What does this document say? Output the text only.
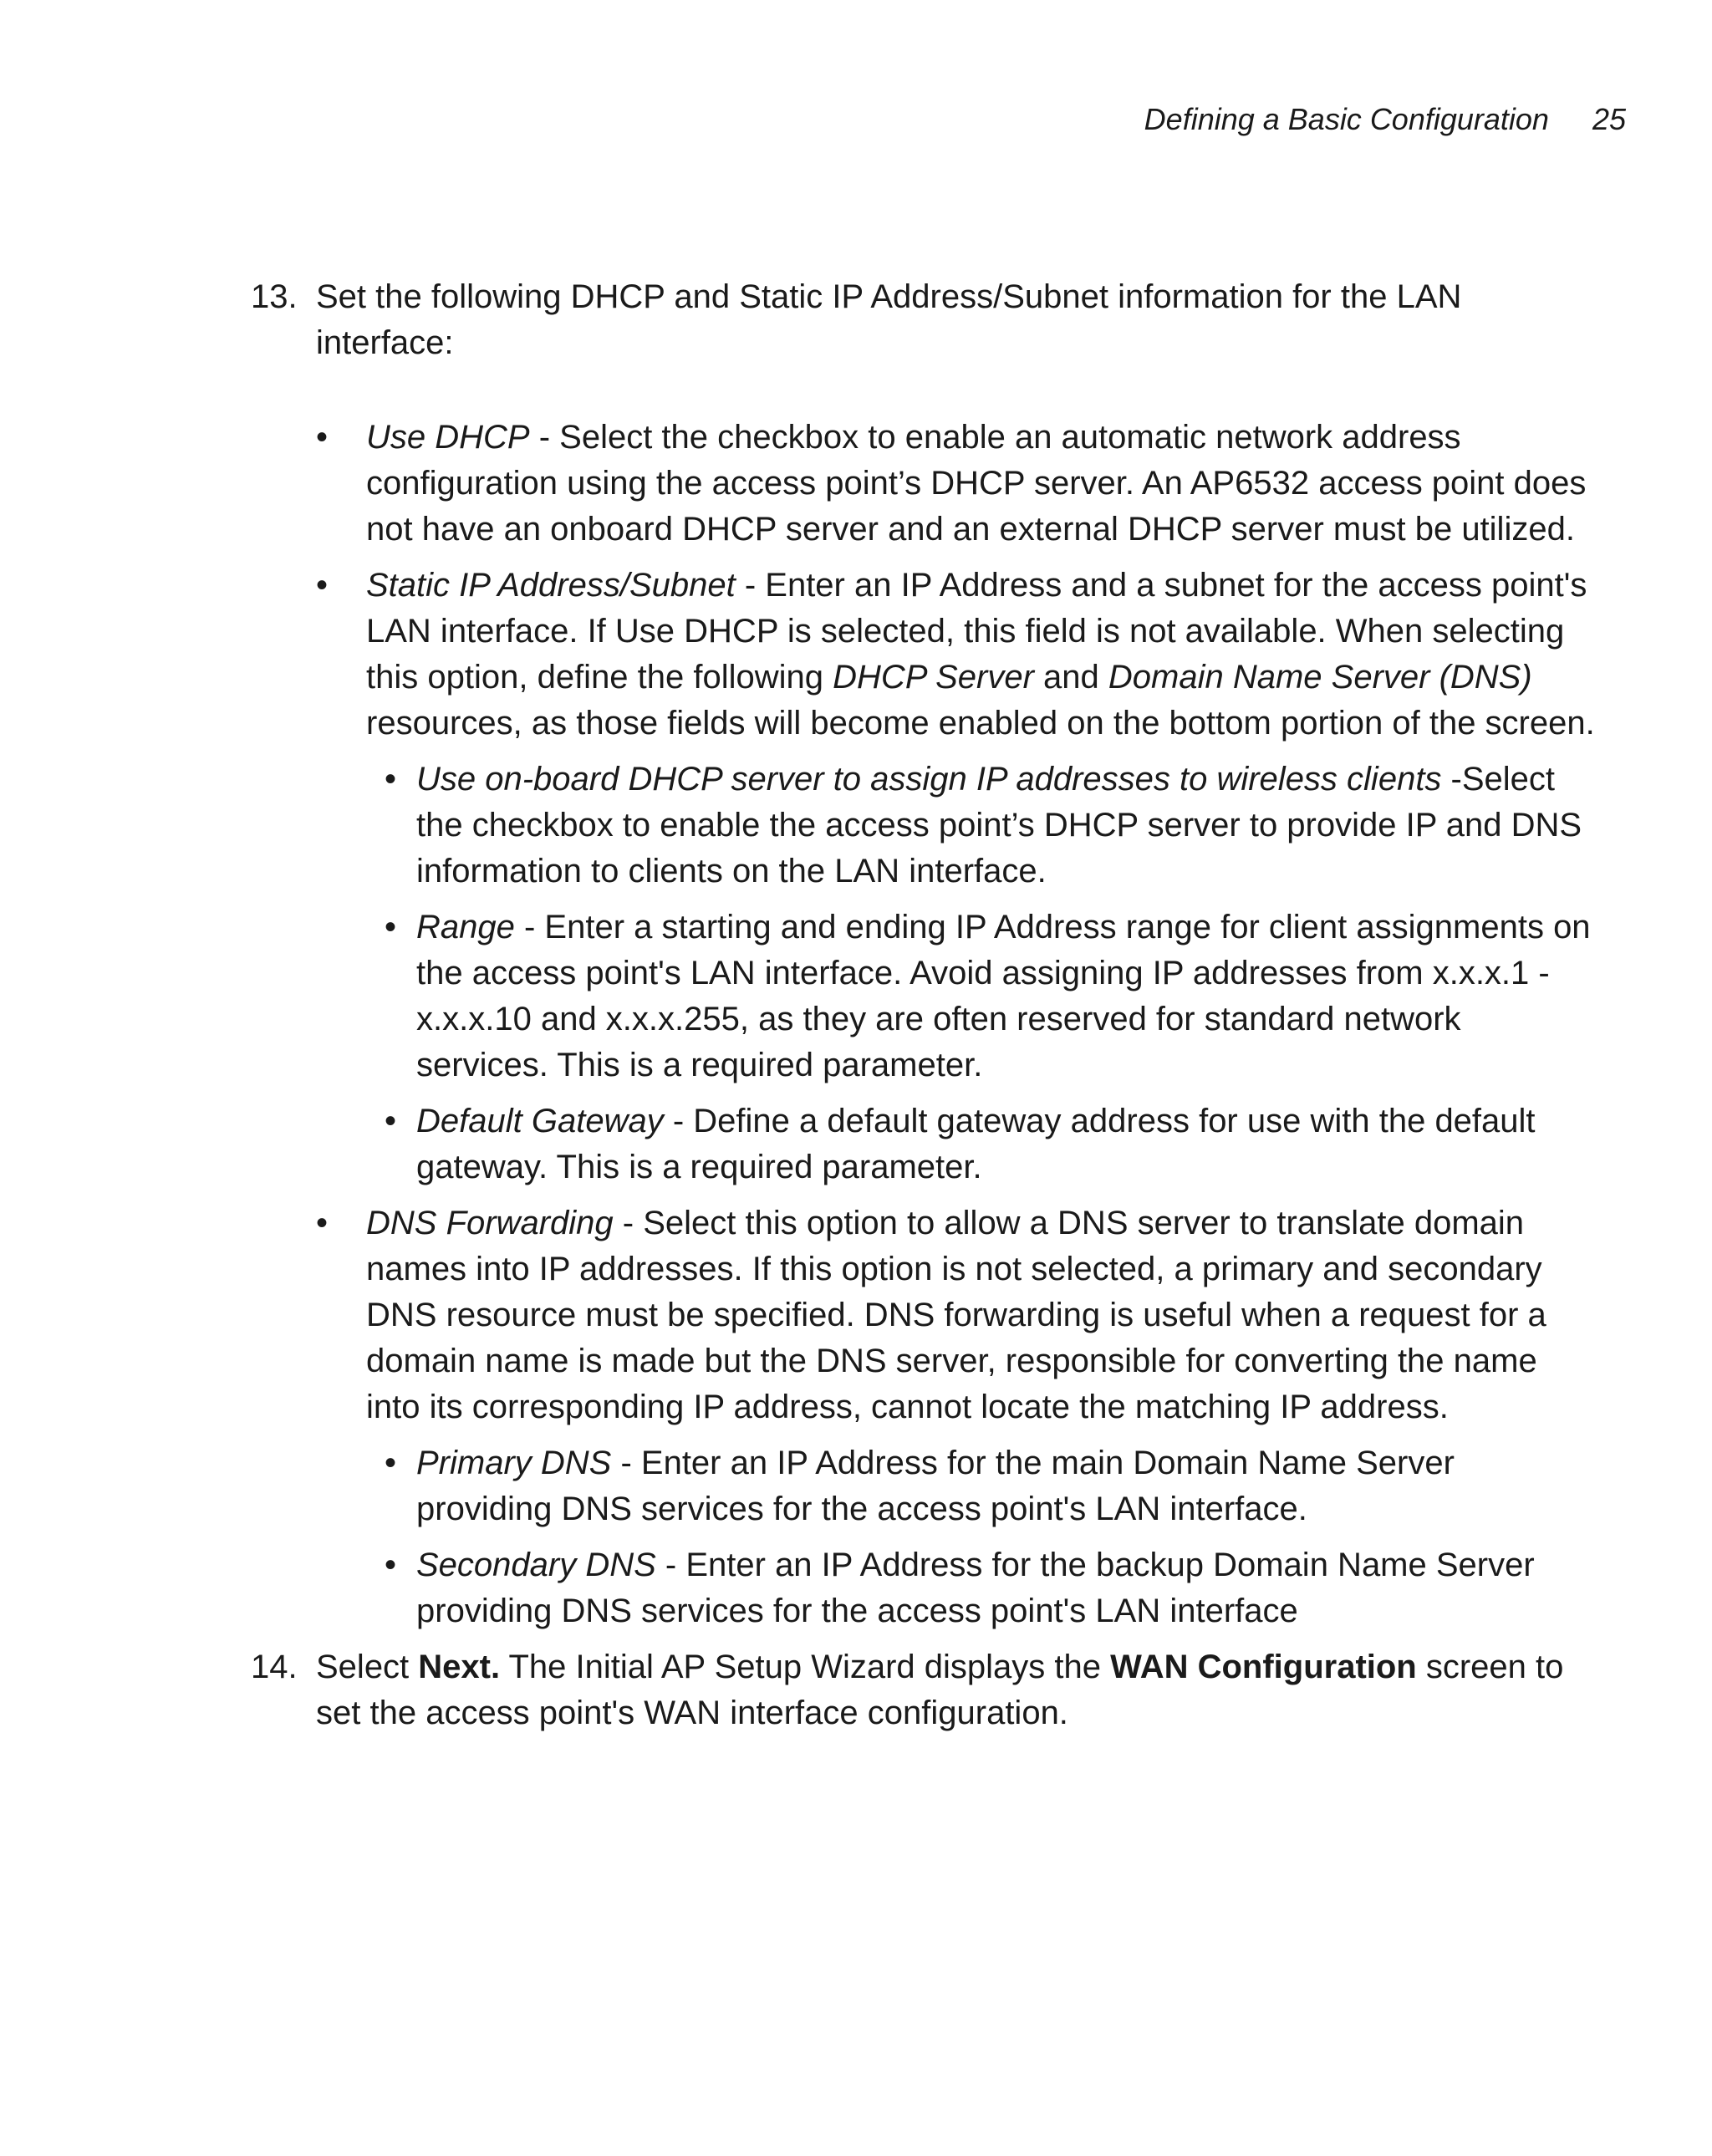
Defining a Basic Configuration 25
13. Set the following DHCP and Static IP Address/Subnet information for the LAN interface:
• Use DHCP - Select the checkbox to enable an automatic network address configuration using the access point’s DHCP server. An AP6532 access point does not have an onboard DHCP server and an external DHCP server must be utilized.
• Static IP Address/Subnet - Enter an IP Address and a subnet for the access point's LAN interface. If Use DHCP is selected, this field is not available. When selecting this option, define the following DHCP Server and Domain Name Server (DNS) resources, as those fields will become enabled on the bottom portion of the screen.
• Use on-board DHCP server to assign IP addresses to wireless clients -Select the checkbox to enable the access point’s DHCP server to provide IP and DNS information to clients on the LAN interface.
• Range - Enter a starting and ending IP Address range for client assignments on the access point's LAN interface. Avoid assigning IP addresses from x.x.x.1 - x.x.x.10 and x.x.x.255, as they are often reserved for standard network services. This is a required parameter.
• Default Gateway - Define a default gateway address for use with the default gateway. This is a required parameter.
• DNS Forwarding - Select this option to allow a DNS server to translate domain names into IP addresses. If this option is not selected, a primary and secondary DNS resource must be specified. DNS forwarding is useful when a request for a domain name is made but the DNS server, responsible for converting the name into its corresponding IP address, cannot locate the matching IP address.
• Primary DNS - Enter an IP Address for the main Domain Name Server providing DNS services for the access point's LAN interface.
• Secondary DNS - Enter an IP Address for the backup Domain Name Server providing DNS services for the access point's LAN interface
14. Select Next. The Initial AP Setup Wizard displays the WAN Configuration screen to set the access point's WAN interface configuration.
